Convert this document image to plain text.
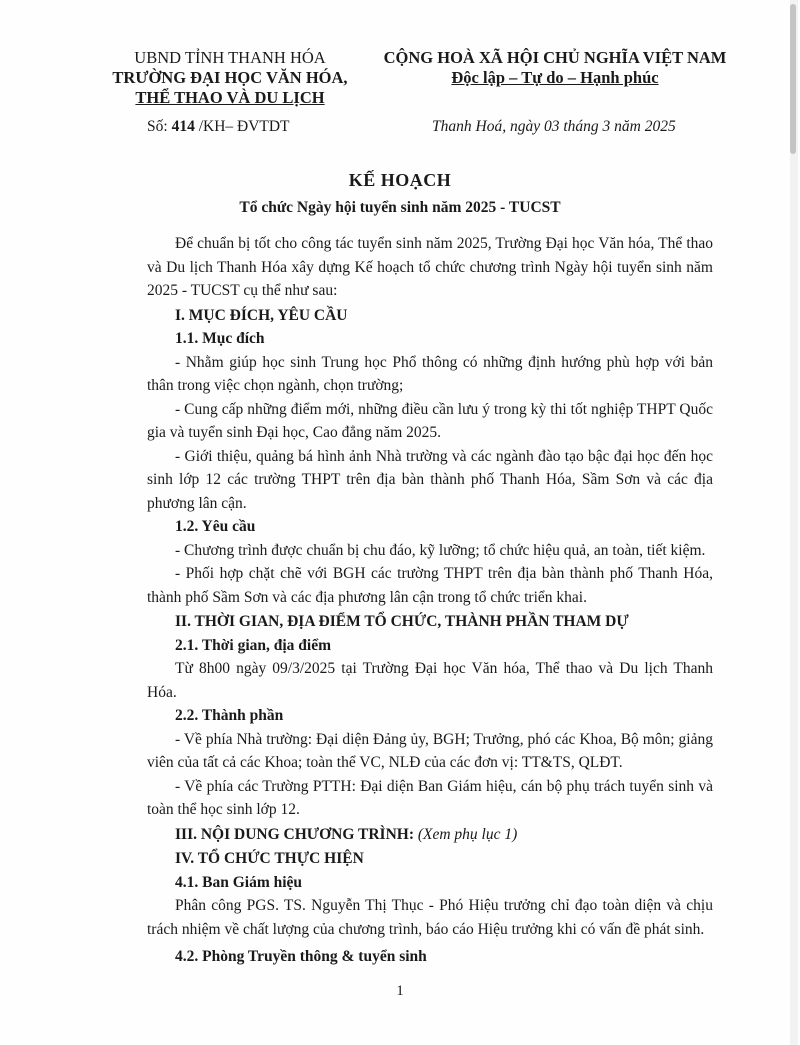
UBND TỈNH THANH HÓA
TRƯỜNG ĐẠI HỌC VĂN HÓA,
THỂ THAO VÀ DU LỊCH
CỘNG HOÀ XÃ HỘI CHỦ NGHĨA VIỆT NAM
Độc lập – Tự do – Hạnh phúc
Số: 414 /KH– ĐVTDT	Thanh Hoá, ngày 03 tháng 3 năm 2025
KẾ HOẠCH
Tổ chức Ngày hội tuyển sinh năm 2025 - TUCST

Để chuẩn bị tốt cho công tác tuyển sinh năm 2025, Trường Đại học Văn hóa, Thể thao và Du lịch Thanh Hóa xây dựng Kế hoạch tổ chức chương trình Ngày hội tuyển sinh năm 2025 - TUCST cụ thể như sau:

I. MỤC ĐÍCH, YÊU CẦU

1.1. Mục đích

- Nhằm giúp học sinh Trung học Phổ thông có những định hướng phù hợp với bản thân trong việc chọn ngành, chọn trường;

- Cung cấp những điểm mới, những điều cần lưu ý trong kỳ thi tốt nghiệp THPT Quốc gia và tuyển sinh Đại học, Cao đẳng năm 2025.

- Giới thiệu, quảng bá hình ảnh Nhà trường và các ngành đào tạo bậc đại học đến học sinh lớp 12 các trường THPT trên địa bàn thành phố Thanh Hóa, Sầm Sơn và các địa phương lân cận.

1.2. Yêu cầu

- Chương trình được chuẩn bị chu đáo, kỹ lưỡng; tổ chức hiệu quả, an toàn, tiết kiệm.

- Phối hợp chặt chẽ với BGH các trường THPT trên địa bàn thành phố Thanh Hóa, thành phố Sầm Sơn và các địa phương lân cận trong tổ chức triển khai.

II. THỜI GIAN, ĐỊA ĐIỂM TỔ CHỨC, THÀNH PHẦN THAM DỰ

2.1. Thời gian, địa điểm

Từ 8h00 ngày 09/3/2025 tại Trường Đại học Văn hóa, Thể thao và Du lịch Thanh Hóa.

2.2. Thành phần

- Về phía Nhà trường: Đại diện Đảng ủy, BGH; Trưởng, phó các Khoa, Bộ môn; giảng viên của tất cả các Khoa; toàn thể VC, NLĐ của các đơn vị: TT&TS, QLĐT.

- Về phía các Trường PTTH: Đại diện Ban Giám hiệu, cán bộ phụ trách tuyển sinh và toàn thể học sinh lớp 12.

III. NỘI DUNG CHƯƠNG TRÌNH: (Xem phụ lục 1)

IV. TỔ CHỨC THỰC HIỆN

4.1. Ban Giám hiệu

Phân công PGS. TS. Nguyễn Thị Thục - Phó Hiệu trưởng chỉ đạo toàn diện và chịu trách nhiệm về chất lượng của chương trình, báo cáo Hiệu trưởng khi có vấn đề phát sinh.

4.2. Phòng Truyền thông & tuyển sinh

1
